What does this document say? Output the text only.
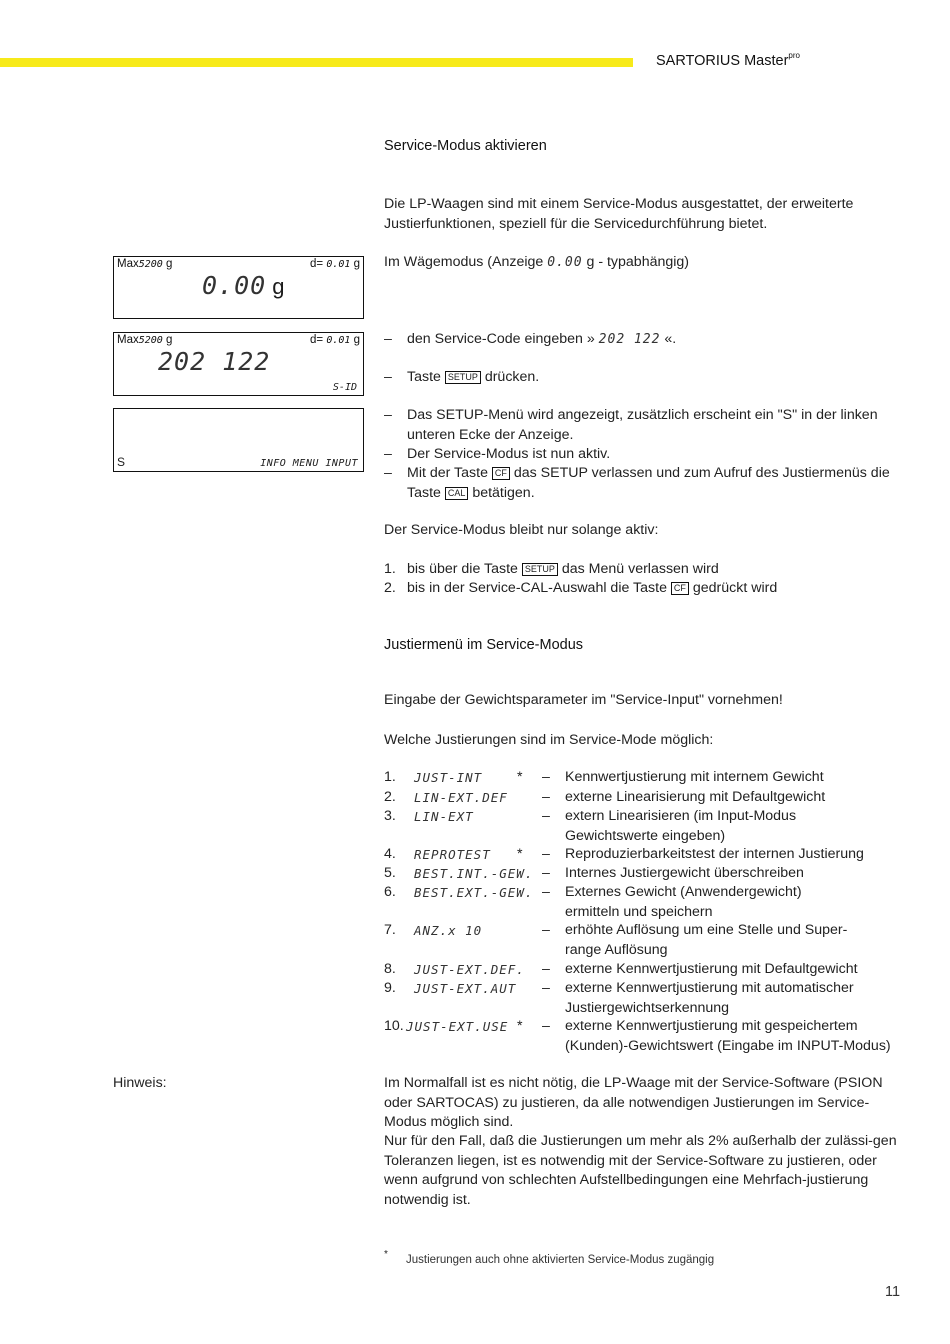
SARTORIUS Master$^{pro}$
Max5200 g	d= 0.01 g
0.00 g
Max5200 g	d= 0.01 g
202 122
S-ID
S	INFO MENU INPUT
Service-Modus aktivieren
Die LP-Waagen sind mit einem Service-Modus ausgestattet, der erweiterte Justierfunktionen, speziell für die Servicedurchführung bietet.
Im Wägemodus (Anzeige 0.00 g - typabhängig)
– den Service-Code eingeben » 202 122 «.
– Taste SETUP drücken.
– Das SETUP-Menü wird angezeigt, zusätzlich erscheint ein "S" in der linken unteren Ecke der Anzeige.
– Der Service-Modus ist nun aktiv.
– Mit der Taste CF das SETUP verlassen und zum Aufruf des Justiermenüs die Taste CAL betätigen.
Der Service-Modus bleibt nur solange aktiv:
1. bis über die Taste SETUP das Menü verlassen wird
2. bis in der Service-CAL-Auswahl die Taste CF gedrückt wird
Justiermenü im Service-Modus
Eingabe der Gewichtsparameter im "Service-Input" vornehmen!
Welche Justierungen sind im Service-Mode möglich:
1. JUST-INT * – Kennwertjustierung mit internem Gewicht
2. LIN-EXT.DEF – externe Linearisierung mit Defaultgewicht
3. LIN-EXT	– extern Linearisieren (im Input-Modus Gewichtswerte eingeben)
4. REPROTEST * – Reproduzierbarkeitstest der internen Justierung
5. BEST.INT.-GEW. – Internes Justiergewicht überschreiben
6. BEST.EXT.-GEW. – Externes Gewicht (Anwendergewicht) ermitteln und speichern
7. ANZ.x 10	– erhöhte Auflösung um eine Stelle und Super-range Auflösung
8. JUST-EXT.DEF. – externe Kennwertjustierung mit Defaultgewicht
9. JUST-EXT.AUT – externe Kennwertjustierung mit automatischer Justiergewichtserkennung
10. JUST-EXT.USE * – externe Kennwertjustierung mit gespeichertem (Kunden)-Gewichtswert (Eingabe im INPUT-Modus)
Hinweis:	Im Normalfall ist es nicht nötig, die LP-Waage mit der Service-Software (PSION oder SARTOCAS) zu justieren, da alle notwendigen Justierungen im Service-Modus möglich sind.
Nur für den Fall, daß die Justierungen um mehr als 2% außerhalb der zulässi-gen Toleranzen liegen, ist es notwendig mit der Service-Software zu justieren, oder wenn aufgrund von schlechten Aufstellbedingungen eine Mehrfach-justierung notwendig ist.
* Justierungen auch ohne aktivierten Service-Modus zugängig
11
